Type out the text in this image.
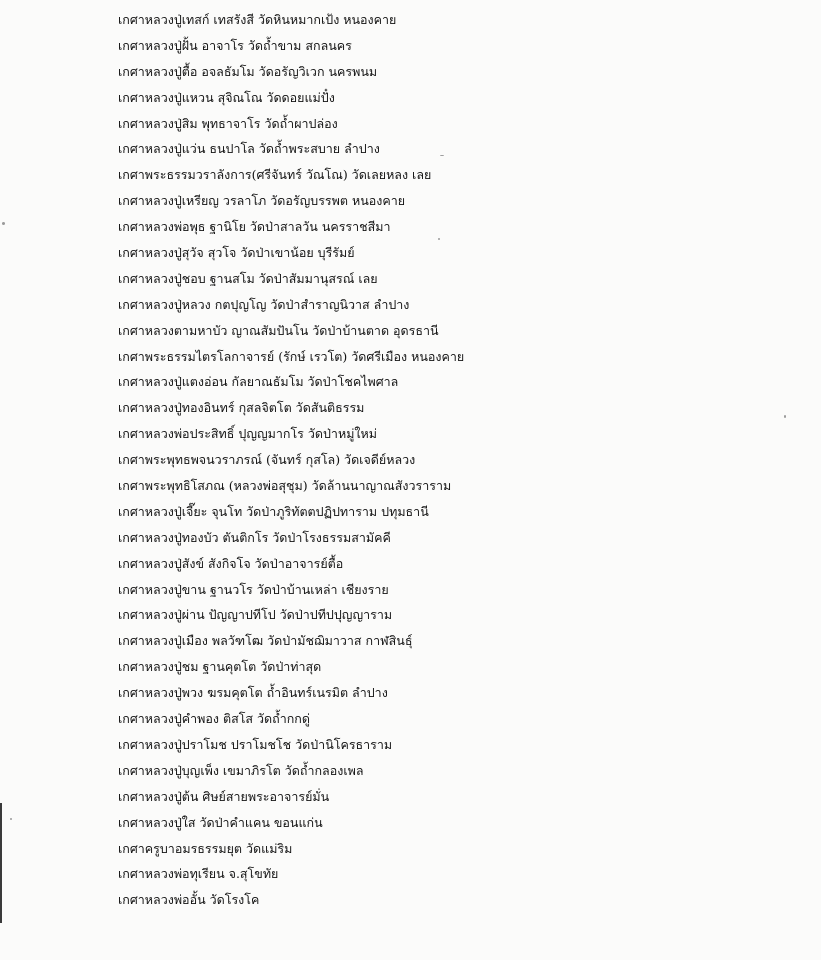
เกศาหลวงปู่เทสก์ เทสรังสี วัดหินหมากเป้ง หนองคาย
เกศาหลวงปู่ฝั้น อาจาโร วัดถ้ำขาม สกลนคร
เกศาหลวงปู่ตื้อ อจลธัมโม วัดอรัญวิเวก นครพนม
เกศาหลวงปู่แหวน สุจิณโณ วัดดอยแม่ปั๋ง
เกศาหลวงปู่สิม พุทธาจาโร วัดถ้ำผาปล่อง
เกศาหลวงปู่แว่น ธนปาโล วัดถ้ำพระสบาย ลำปาง
เกศาพระธรรมวราลังการ(ศรีจันทร์ วัณโณ) วัดเลยหลง เลย
เกศาหลวงปู่เหรียญ วรลาโภ วัดอรัญบรรพต หนองคาย
เกศาหลวงพ่อพุธ ฐานิโย วัดป่าสาลวัน นครราชสีมา
เกศาหลวงปู่สุวัจ สุวโจ วัดป่าเขาน้อย บุรีรัมย์
เกศาหลวงปู่ชอบ ฐานสโม วัดป่าสัมมานุสรณ์ เลย
เกศาหลวงปู่หลวง กตปุญโญ วัดป่าสำราญนิวาส ลำปาง
เกศาหลวงตามหาบัว ญาณสัมปันโน วัดป่าบ้านตาด อุดรธานี
เกศาพระธรรมไตรโลกาจารย์ (รักษ์ เรวโต) วัดศรีเมือง หนองคาย
เกศาหลวงปู่แตงอ่อน กัลยาณธัมโม วัดป่าโชคไพศาล
เกศาหลวงปู่ทองอินทร์ กุสลจิตโต วัดสันติธรรม
เกศาหลวงพ่อประสิทธิ์ ปุญญมากโร วัดป่าหมู่ใหม่
เกศาพระพุทธพจนวราภรณ์ (จันทร์ กุสโล) วัดเจดีย์หลวง
เกศาพระพุทธิโสภณ (หลวงพ่อสุชุม) วัดล้านนาญาณสังวราราม
เกศาหลวงปู่เจี๊ยะ จุนโท วัดป่าภูริทัตตปฏิปทาราม ปทุมธานี
เกศาหลวงปู่ทองบัว ตันติกโร วัดป่าโรงธรรมสามัคคี
เกศาหลวงปู่สังข์ สังกิจโจ วัดป่าอาจารย์ตื้อ
เกศาหลวงปู่ขาน ฐานวโร วัดป่าบ้านเหล่า เชียงราย
เกศาหลวงปู่ผ่าน ปัญญาปทีโป วัดป่าปทีปปุญญาราม
เกศาหลวงปู่เมือง พลวัฑโฒ วัดป่ามัชฌิมาวาส กาฬสินธุ์
เกศาหลวงปู่ชม ฐานคุตโต วัดป่าท่าสุด
เกศาหลวงปู่พวง ฆรมคุตโต ถ้ำอินทร์เนรมิต ลำปาง
เกศาหลวงปู่คำพอง ติสโส วัดถ้ำกกดู่
เกศาหลวงปู่ปราโมช ปราโมชโช วัดป่านิโครธาราม
เกศาหลวงปู่บุญเพ็ง เขมาภิรโต วัดถ้ำกลองเพล
เกศาหลวงปู่ต้น ศิษย์สายพระอาจารย์มั่น
เกศาหลวงปู่ใส วัดป่าคำแคน ขอนแก่น
เกศาครูบาอมรธรรมยุต วัดแม่ริม
เกศาหลวงพ่อทุเรียน จ.สุโขทัย
เกศาหลวงพ่ออั้น วัดโรงโค
